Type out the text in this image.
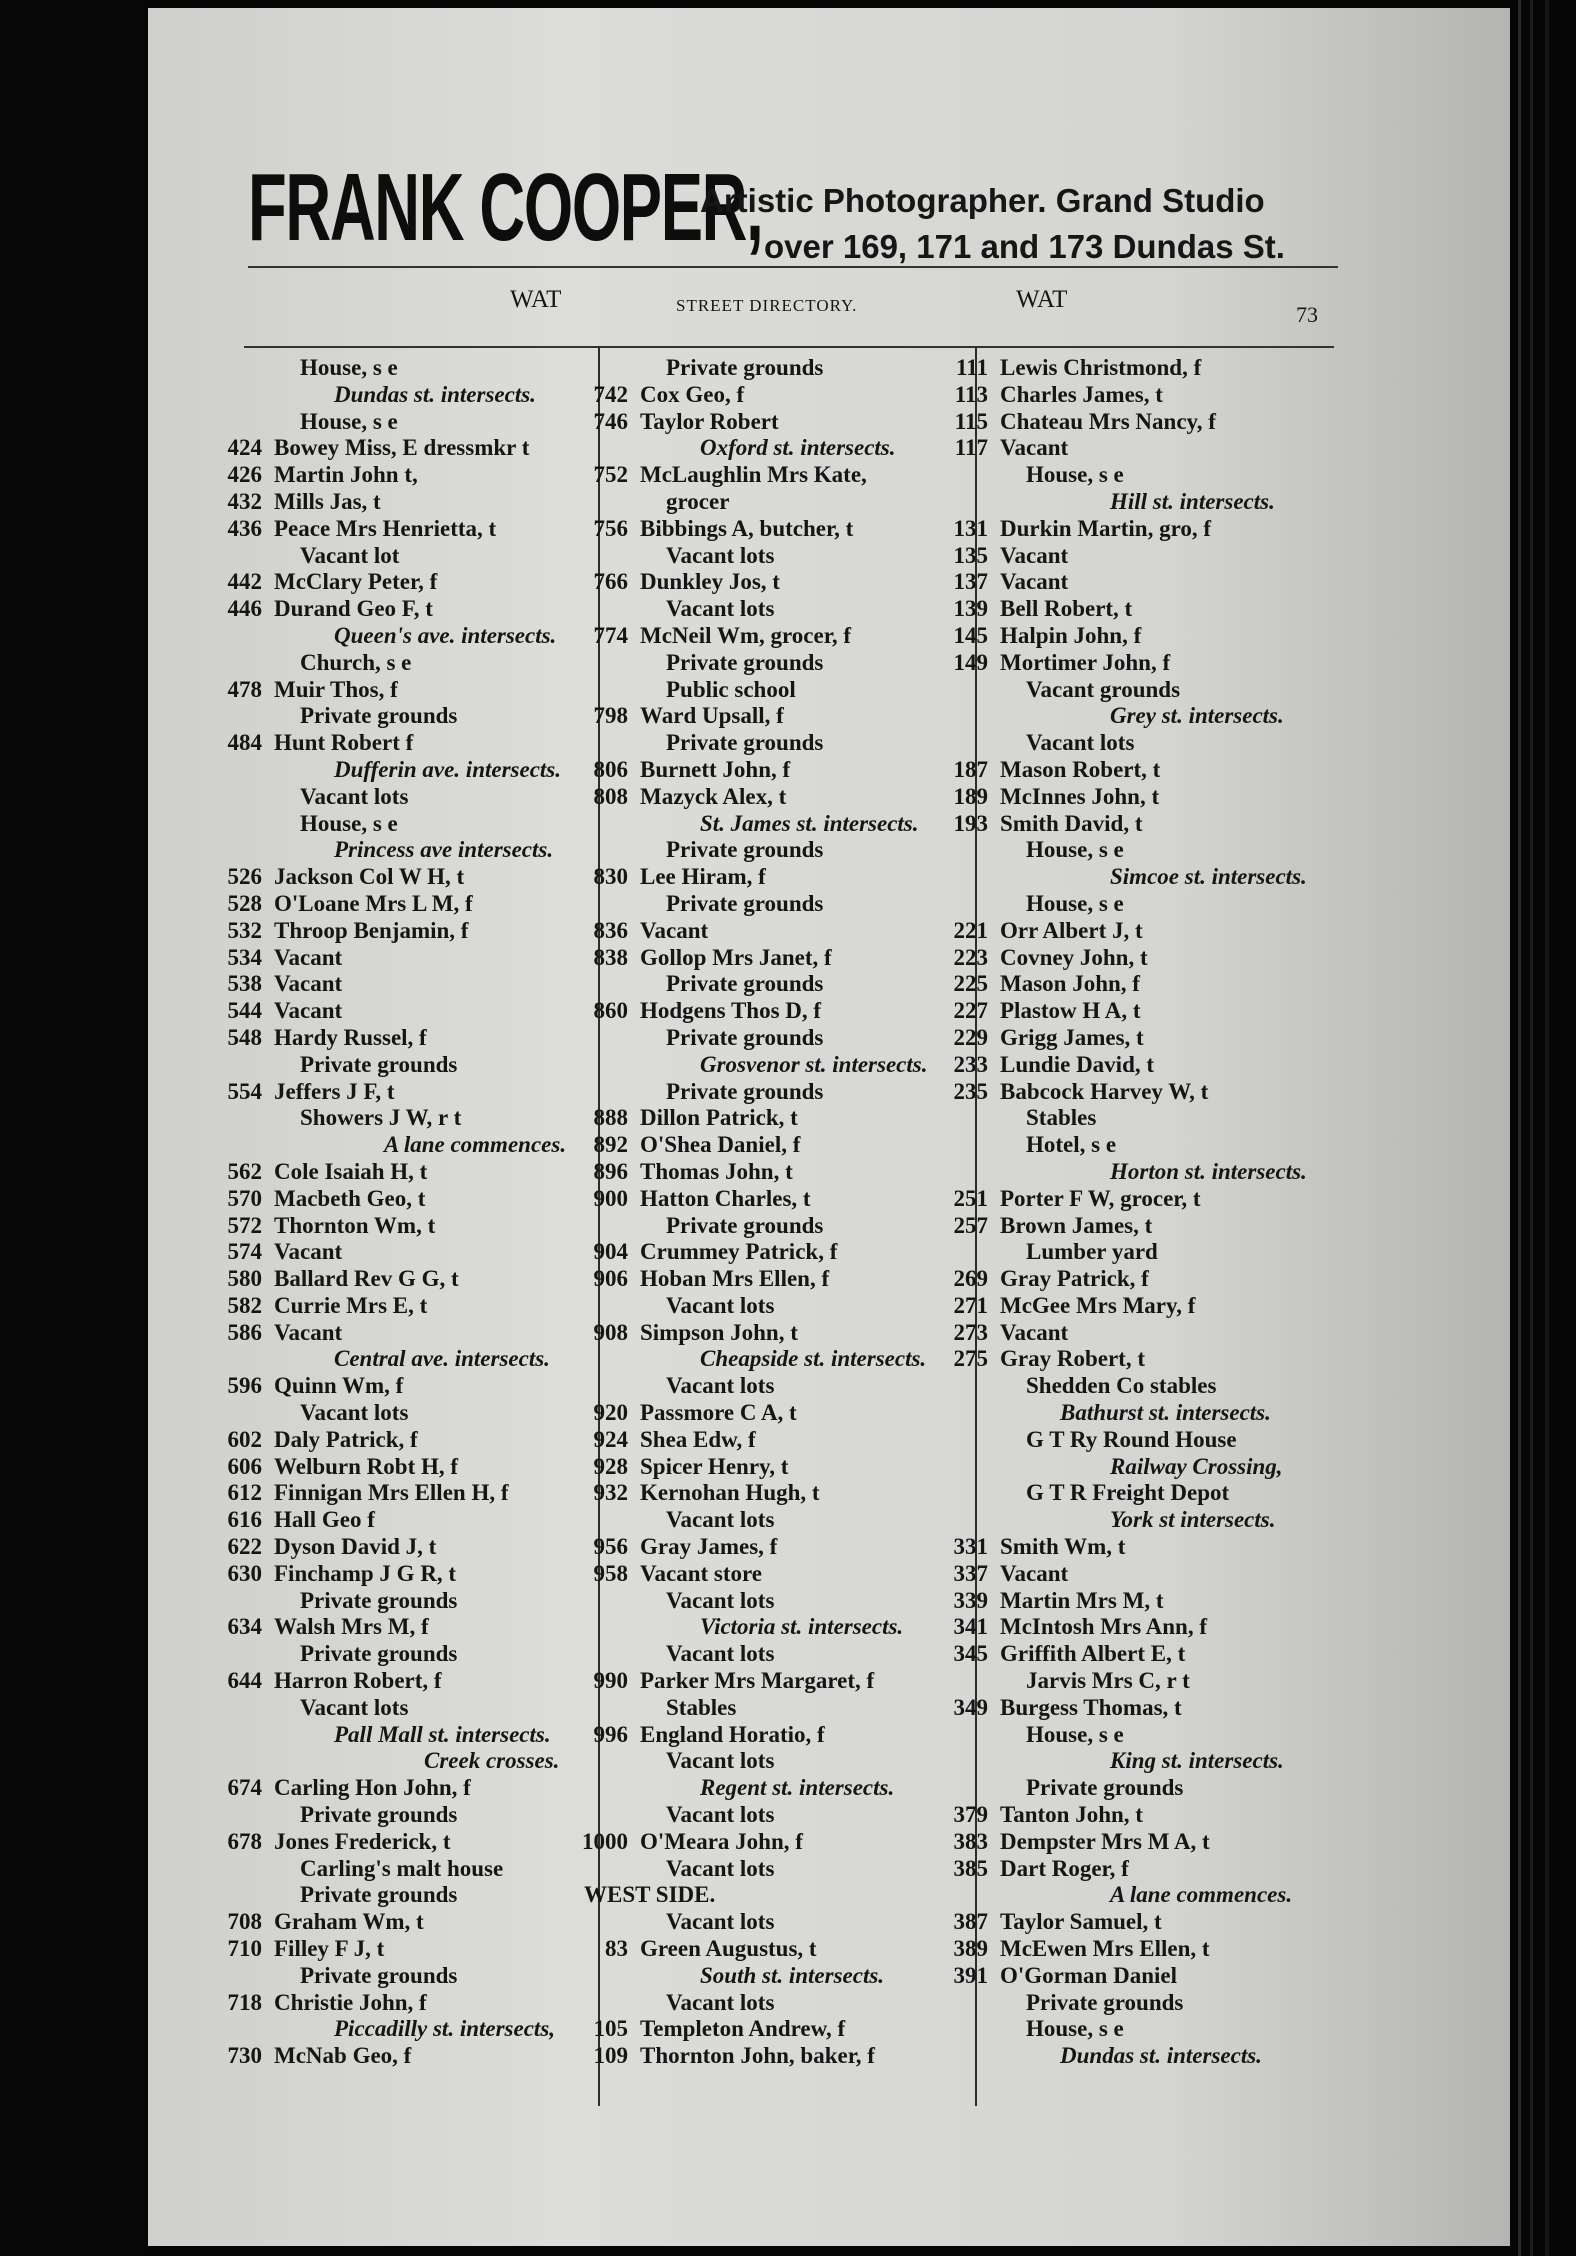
FRANK COOPER,
Artistic Photographer. Grand Studio
over 169, 171 and 173 Dundas St.
WAT	STREET DIRECTORY.	WAT
73
House, s e
Dundas st. intersects.
House, s e
424 Bowey Miss, E dressmkr t
426 Martin John t,
432 Mills Jas, t
436 Peace Mrs Henrietta, t
Vacant lot
442 McClary Peter, f
446 Durand Geo F, t
Queen's ave. intersects.
Church, s e
478 Muir Thos, f
Private grounds
484 Hunt Robert f
Dufferin ave. intersects.
Vacant lots
House, s e
Princess ave intersects.
526 Jackson Col W H, t
528 O'Loane Mrs L M, f
532 Throop Benjamin, f
534 Vacant
538 Vacant
544 Vacant
548 Hardy Russel, f
Private grounds
554 Jeffers J F, t
Showers J W, r t
A lane commences.
562 Cole Isaiah H, t
570 Macbeth Geo, t
572 Thornton Wm, t
574 Vacant
580 Ballard Rev G G, t
582 Currie Mrs E, t
586 Vacant
Central ave. intersects.
596 Quinn Wm, f
Vacant lots
602 Daly Patrick, f
606 Welburn Robt H, f
612 Finnigan Mrs Ellen H, f
616 Hall Geo f
622 Dyson David J, t
630 Finchamp J G R, t
Private grounds
634 Walsh Mrs M, f
Private grounds
644 Harron Robert, f
Vacant lots
Pall Mall st. intersects.
Creek crosses.
674 Carling Hon John, f
Private grounds
678 Jones Frederick, t
Carling's malt house
Private grounds
708 Graham Wm, t
710 Filley F J, t
Private grounds
718 Christie John, f
Piccadilly st. intersects,
730 McNab Geo, f
Private grounds
742 Cox Geo, f
746 Taylor Robert
Oxford st. intersects.
752 McLaughlin Mrs Kate,
grocer
756 Bibbings A, butcher, t
Vacant lots
766 Dunkley Jos, t
Vacant lots
774 McNeil Wm, grocer, f
Private grounds
Public school
798 Ward Upsall, f
Private grounds
806 Burnett John, f
808 Mazyck Alex, t
St. James st. intersects.
Private grounds
830 Lee Hiram, f
Private grounds
836 Vacant
838 Gollop Mrs Janet, f
Private grounds
860 Hodgens Thos D, f
Private grounds
Grosvenor st. intersects.
Private grounds
888 Dillon Patrick, t
892 O'Shea Daniel, f
896 Thomas John, t
900 Hatton Charles, t
Private grounds
904 Crummey Patrick, f
906 Hoban Mrs Ellen, f
Vacant lots
908 Simpson John, t
Cheapside st. intersects.
Vacant lots
920 Passmore C A, t
924 Shea Edw, f
928 Spicer Henry, t
932 Kernohan Hugh, t
Vacant lots
956 Gray James, f
958 Vacant store
Vacant lots
Victoria st. intersects.
Vacant lots
990 Parker Mrs Margaret, f
Stables
996 England Horatio, f
Vacant lots
Regent st. intersects.
Vacant lots
1000 O'Meara John, f
Vacant lots
WEST SIDE.
Vacant lots
83 Green Augustus, t
South st. intersects.
Vacant lots
105 Templeton Andrew, f
109 Thornton John, baker, f
111 Lewis Christmond, f
113 Charles James, t
115 Chateau Mrs Nancy, f
117 Vacant
House, s e
Hill st. intersects.
131 Durkin Martin, gro, f
135 Vacant
137 Vacant
139 Bell Robert, t
145 Halpin John, f
149 Mortimer John, f
Vacant grounds
Grey st. intersects.
Vacant lots
187 Mason Robert, t
189 McInnes John, t
193 Smith David, t
House, s e
Simcoe st. intersects.
House, s e
221 Orr Albert J, t
223 Covney John, t
225 Mason John, f
227 Plastow H A, t
229 Grigg James, t
233 Lundie David, t
235 Babcock Harvey W, t
Stables
Hotel, s e
Horton st. intersects.
251 Porter F W, grocer, t
257 Brown James, t
Lumber yard
269 Gray Patrick, f
271 McGee Mrs Mary, f
273 Vacant
275 Gray Robert, t
Shedden Co stables
Bathurst st. intersects.
G T Ry Round House
Railway Crossing,
G T R Freight Depot
York st intersects.
331 Smith Wm, t
337 Vacant
339 Martin Mrs M, t
341 McIntosh Mrs Ann, f
345 Griffith Albert E, t
Jarvis Mrs C, r t
349 Burgess Thomas, t
House, s e
King st. intersects.
Private grounds
379 Tanton John, t
383 Dempster Mrs M A, t
385 Dart Roger, f
A lane commences.
387 Taylor Samuel, t
389 McEwen Mrs Ellen, t
391 O'Gorman Daniel
Private grounds
House, s e
Dundas st. intersects.
